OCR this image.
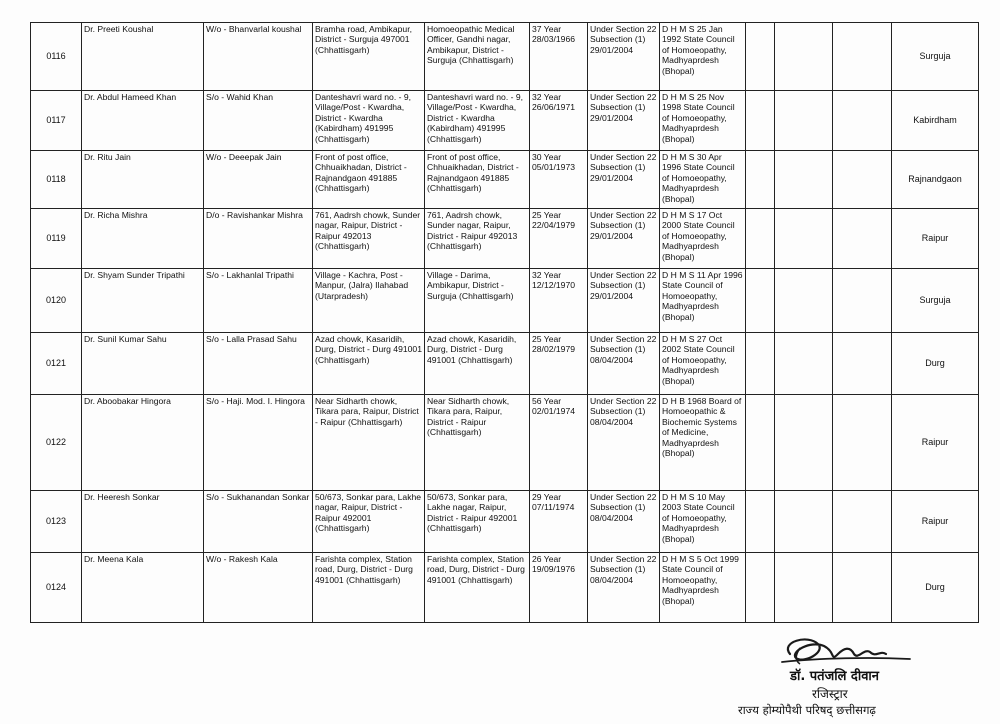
0116	Dr. Preeti Koushal	W/o - Bhanvarlal koushal	Bramha road, Ambikapur, District - Surguja 497001 (Chhattisgarh)	Homoeopathic Medical Officer, Gandhi nagar, Ambikapur, District - Surguja (Chhattisgarh)	37 Year 28/03/1966	Under Section 22 Subsection (1) 29/01/2004	D H M S 25 Jan 1992 State Council of Homoeopathy, Madhyaprdesh (Bhopal)				Surguja
0117	Dr. Abdul Hameed Khan	S/o - Wahid Khan	Danteshavri ward no. - 9, Village/Post - Kwardha, District - Kwardha (Kabirdham) 491995 (Chhattisgarh)	Danteshavri ward no. - 9, Village/Post - Kwardha, District - Kwardha (Kabirdham) 491995 (Chhattisgarh)	32 Year 26/06/1971	Under Section 22 Subsection (1) 29/01/2004	D H M S 25 Nov 1998 State Council of Homoeopathy, Madhyaprdesh (Bhopal)				Kabirdham
0118	Dr. Ritu Jain	W/o - Deeepak Jain	Front of post office, Chhuaikhadan, District - Rajnandgaon 491885 (Chhattisgarh)	Front of post office, Chhuaikhadan, District - Rajnandgaon 491885 (Chhattisgarh)	30 Year 05/01/1973	Under Section 22 Subsection (1) 29/01/2004	D H M S 30 Apr 1996 State Council of Homoeopathy, Madhyaprdesh (Bhopal)				Rajnandgaon
0119	Dr. Richa Mishra	D/o - Ravishankar Mishra	761, Aadrsh chowk, Sunder nagar, Raipur, District - Raipur 492013 (Chhattisgarh)	761, Aadrsh chowk, Sunder nagar, Raipur, District - Raipur 492013 (Chhattisgarh)	25 Year 22/04/1979	Under Section 22 Subsection (1) 29/01/2004	D H M S 17 Oct 2000 State Council of Homoeopathy, Madhyaprdesh (Bhopal)				Raipur
0120	Dr. Shyam Sunder Tripathi	S/o - Lakhanlal Tripathi	Village - Kachra, Post - Manpur, (Jalra) Ilahabad (Utarpradesh)	Village - Darima, Ambikapur, District - Surguja (Chhattisgarh)	32 Year 12/12/1970	Under Section 22 Subsection (1) 29/01/2004	D H M S 11 Apr 1996 State Council of Homoeopathy, Madhyaprdesh (Bhopal)				Surguja
0121	Dr. Sunil Kumar Sahu	S/o - Lalla Prasad Sahu	Azad chowk, Kasaridih, Durg, District - Durg 491001 (Chhattisgarh)	Azad chowk, Kasaridih, Durg, District - Durg 491001 (Chhattisgarh)	25 Year 28/02/1979	Under Section 22 Subsection (1) 08/04/2004	D H M S 27 Oct 2002 State Council of Homoeopathy, Madhyaprdesh (Bhopal)				Durg
0122	Dr. Aboobakar Hingora	S/o - Haji. Mod. I. Hingora	Near Sidharth chowk, Tikara para, Raipur, District - Raipur (Chhattisgarh)	Near Sidharth chowk, Tikara para, Raipur, District - Raipur (Chhattisgarh)	56 Year 02/01/1974	Under Section 22 Subsection (1) 08/04/2004	D H B 1968 Board of Homoeopathic & Biochemic Systems of Medicine, Madhyaprdesh (Bhopal)				Raipur
0123	Dr. Heeresh Sonkar	S/o - Sukhanandan Sonkar	50/673, Sonkar para, Lakhe nagar, Raipur, District - Raipur 492001 (Chhattisgarh)	50/673, Sonkar para, Lakhe nagar, Raipur, District - Raipur 492001 (Chhattisgarh)	29 Year 07/11/1974	Under Section 22 Subsection (1) 08/04/2004	D H M S 10 May 2003 State Council of Homoeopathy, Madhyaprdesh (Bhopal)				Raipur
0124	Dr. Meena Kala	W/o - Rakesh Kala	Farishta complex, Station road, Durg, District - Durg 491001 (Chhattisgarh)	Farishta complex, Station road, Durg, District - Durg 491001 (Chhattisgarh)	26 Year 19/09/1976	Under Section 22 Subsection (1) 08/04/2004	D H M S 5 Oct 1999 State Council of Homoeopathy, Madhyaprdesh (Bhopal)				Durg
डॉ. पतंजलि दीवान
रजिस्ट्रार
राज्य होम्योपैथी परिषद् छत्तीसगढ़
